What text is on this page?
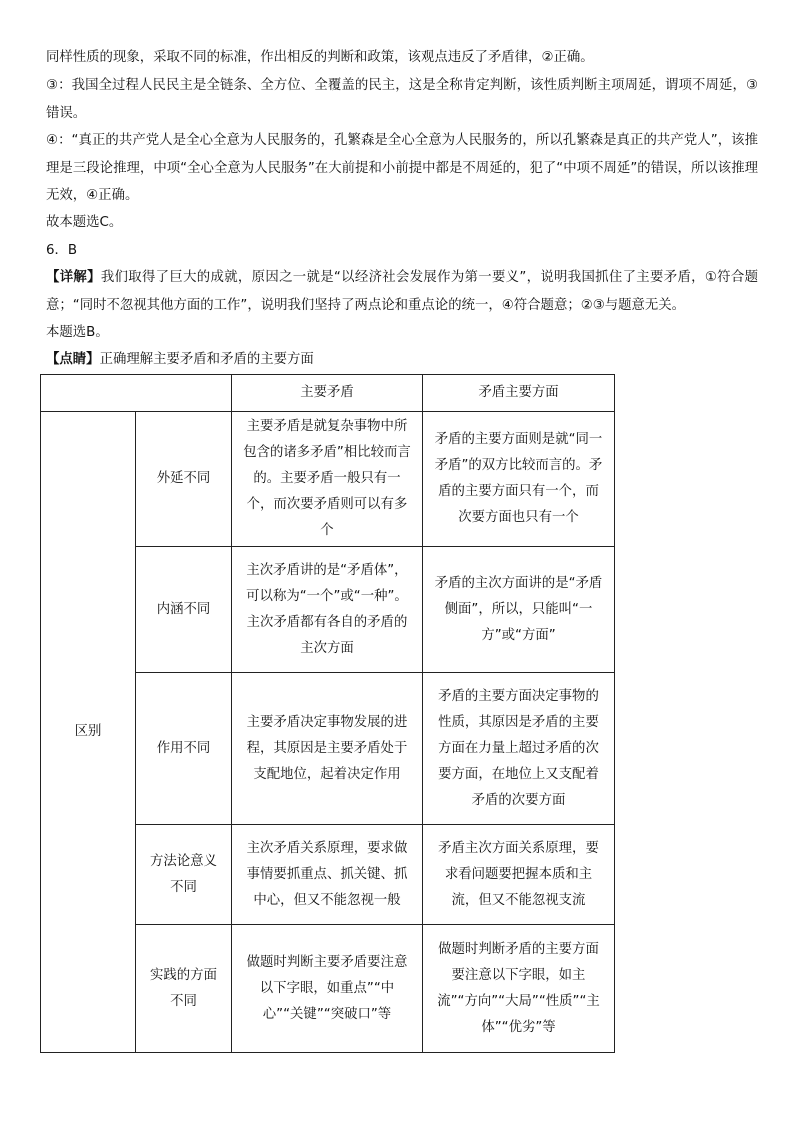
同样性质的现象，采取不同的标准，作出相反的判断和政策，该观点违反了矛盾律，②正确。

③：我国全过程人民民主是全链条、全方位、全覆盖的民主，这是全称肯定判断，该性质判断主项周延，谓项不周延，③错误。

④：“真正的共产党人是全心全意为人民服务的，孔繁森是全心全意为人民服务的，所以孔繁森是真正的共产党人”，该推理是三段论推理，中项“全心全意为人民服务”在大前提和小前提中都是不周延的，犯了“中项不周延”的错误，所以该推理无效，④正确。

故本题选C。

6．B

【详解】我们取得了巨大的成就，原因之一就是“以经济社会发展作为第一要义”，说明我国抓住了主要矛盾，①符合题意；“同时不忽视其他方面的工作”，说明我们坚持了两点论和重点论的统一，④符合题意；②③与题意无关。

本题选B。

【点睛】正确理解主要矛盾和矛盾的主要方面

		主要矛盾	矛盾主要方面
区别	外延不同	主要矛盾是就复杂事物中所包含的诸多矛盾”相比较而言的。主要矛盾一般只有一个，而次要矛盾则可以有多个	矛盾的主要方面则是就“同一矛盾”的双方比较而言的。矛盾的主要方面只有一个，而次要方面也只有一个
	内涵不同	主次矛盾讲的是“矛盾体”，可以称为“一个”或“一种”。主次矛盾都有各自的矛盾的主次方面	矛盾的主次方面讲的是“矛盾侧面”，所以，只能叫“一方”或“方面”
	作用不同	主要矛盾决定事物发展的进程，其原因是主要矛盾处于支配地位，起着决定作用	矛盾的主要方面决定事物的性质，其原因是矛盾的主要方面在力量上超过矛盾的次要方面，在地位上又支配着矛盾的次要方面
	方法论意义不同	主次矛盾关系原理，要求做事情要抓重点、抓关键、抓中心，但又不能忽视一般	矛盾主次方面关系原理，要求看问题要把握本质和主流，但又不能忽视支流
	实践的方面不同	做题时判断主要矛盾要注意以下字眼，如重点”“中心”“关键”“突破口”等	做题时判断矛盾的主要方面要注意以下字眼，如主流”“方向”“大局”“性质”“主体”“优劣”等
